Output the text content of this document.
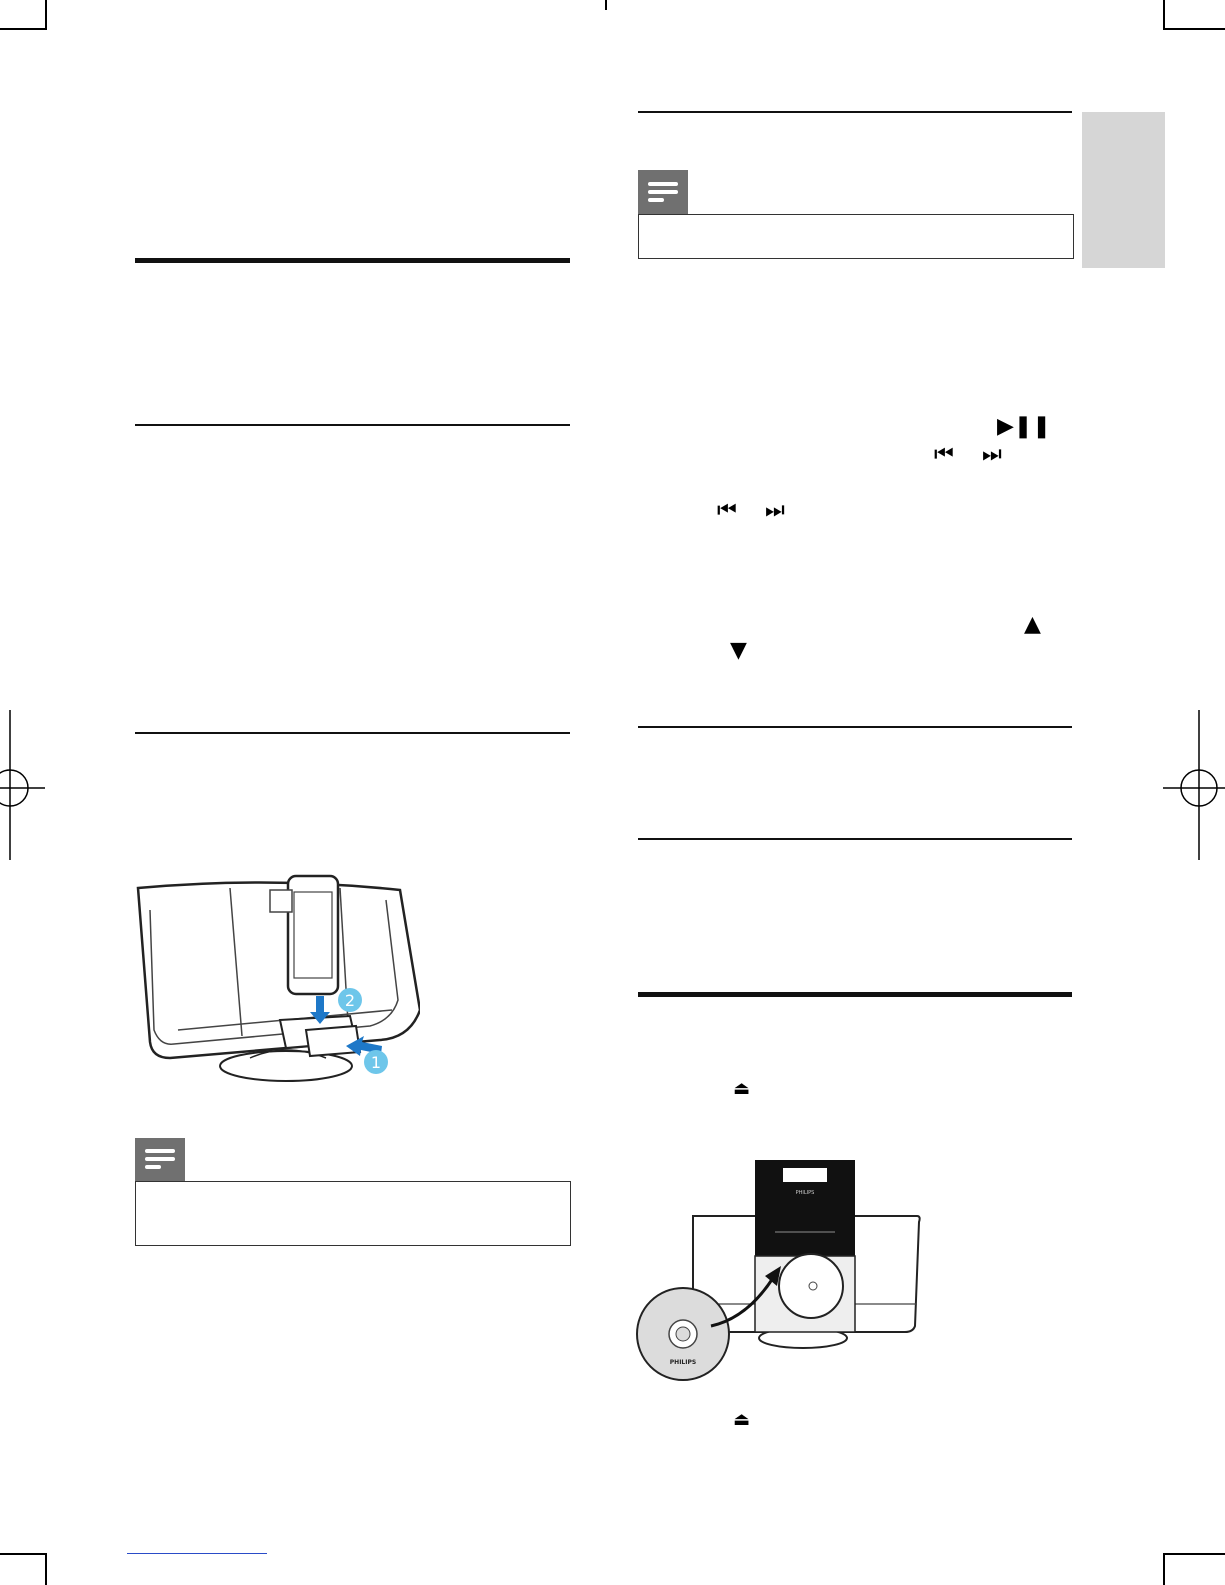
2
1
▶❚❚
⏮ ⏭
⏮ ⏭
▲
▼
⏏
PHILIPS
PHILIPS
⏏
